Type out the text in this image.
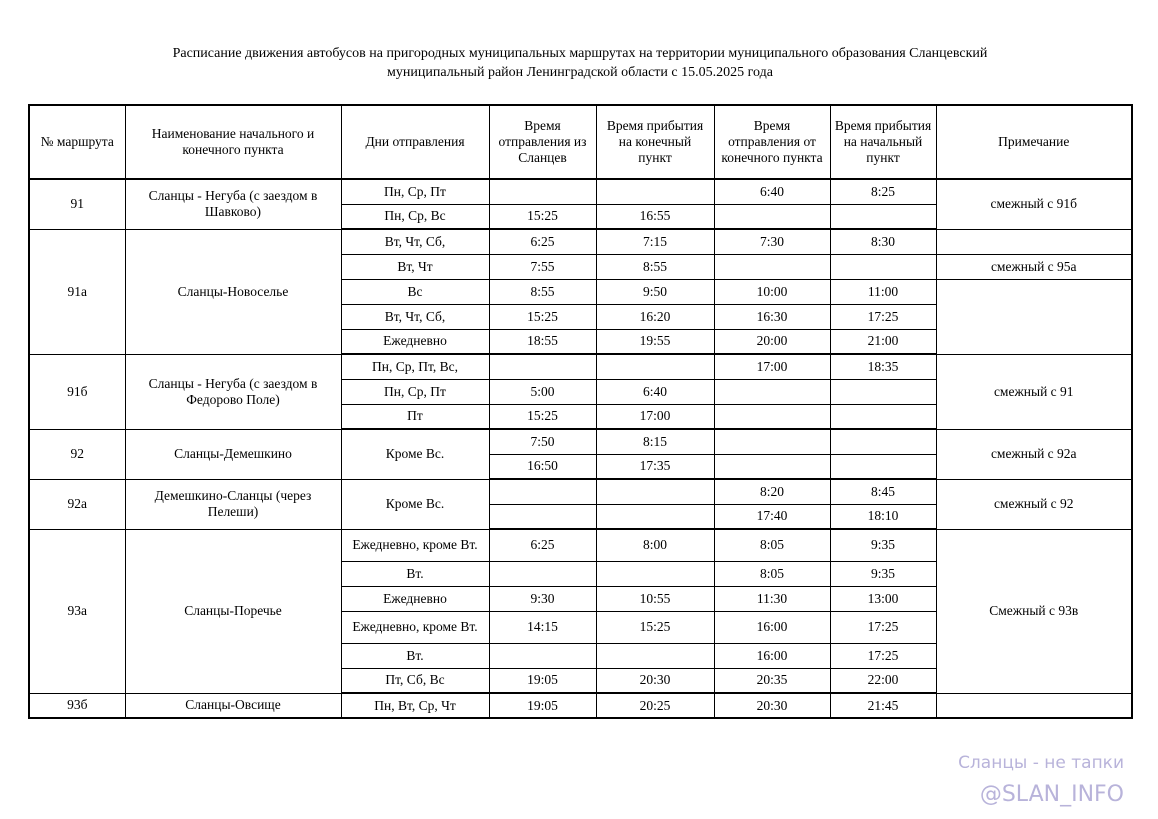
Расписание движения автобусов на пригородных муниципальных маршрутах на территории муниципального образования Сланцевский
муниципальный район Ленинградской области с 15.05.2025 года
№ маршрута	Наименование начального и конечного пункта	Дни отправления	Время отправления из Сланцев	Время прибытия на конечный пункт	Время отправления от конечного пункта	Время прибытия на начальный пункт	Примечание
91	Сланцы - Негуба (с заездом в Шавково)	Пн, Ср, Пт			6:40	8:25	смежный с 91б
		Пн, Ср, Вс	15:25	16:55			
91а	Сланцы-Новоселье	Вт, Чт, Сб,	6:25	7:15	7:30	8:30	
		Вт, Чт	7:55	8:55			смежный с 95а
		Вс	8:55	9:50	10:00	11:00	
		Вт, Чт, Сб,	15:25	16:20	16:30	17:25	
		Ежедневно	18:55	19:55	20:00	21:00	
91б	Сланцы - Негуба (с заездом в Федорово Поле)	Пн, Ср, Пт, Вс,			17:00	18:35	смежный с 91
		Пн, Ср, Пт	5:00	6:40			
		Пт	15:25	17:00			
92	Сланцы-Демешкино	Кроме Вс.	7:50	8:15			смежный с 92а
			16:50	17:35			
92а	Демешкино-Сланцы (через Пелеши)	Кроме Вс.			8:20	8:45	смежный с 92
					17:40	18:10	
93а	Сланцы-Поречье	Ежедневно, кроме Вт.	6:25	8:00	8:05	9:35	Смежный с 93в
		Вт.			8:05	9:35	
		Ежедневно	9:30	10:55	11:30	13:00	
		Ежедневно, кроме Вт.	14:15	15:25	16:00	17:25	
		Вт.			16:00	17:25	
		Пт, Сб, Вс	19:05	20:30	20:35	22:00	
93б	Сланцы-Овсище	Пн, Вт, Ср, Чт	19:05	20:25	20:30	21:45	
Сланцы - не тапки
@SLAN_INFO
